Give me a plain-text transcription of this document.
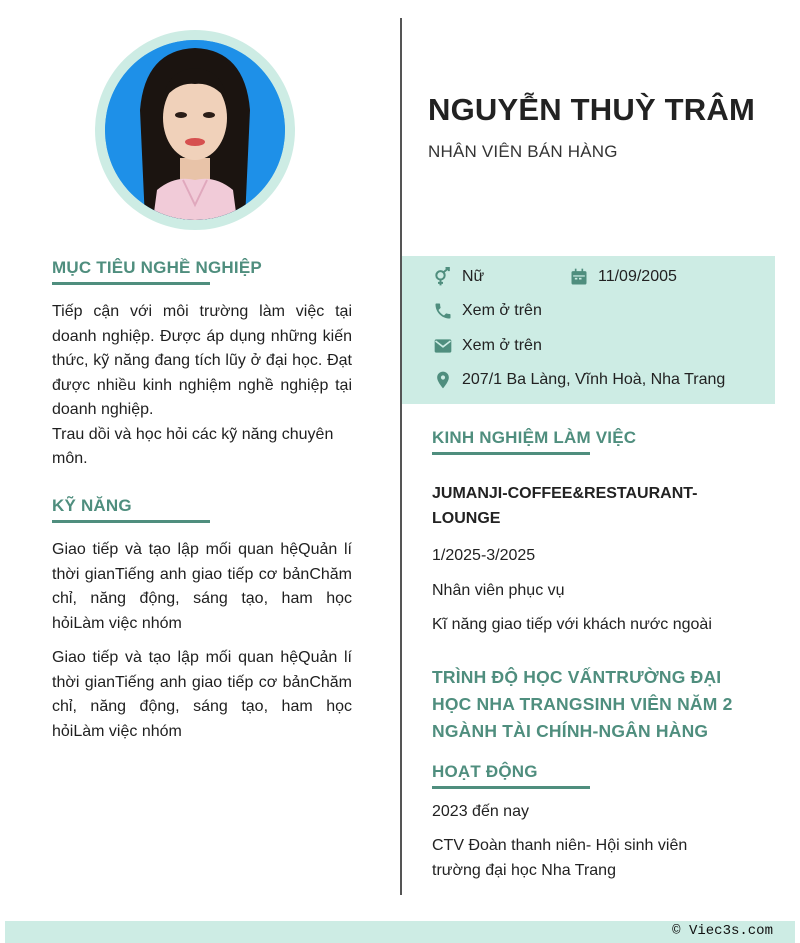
MỤC TIÊU NGHỀ NGHIỆP

Tiếp cận với môi trường làm việc tại doanh nghiệp. Được áp dụng những kiến thức, kỹ năng đang tích lũy ở đại học. Đạt được nhiều kinh nghiệm nghề nghiệp tại doanh nghiệp.

Trau dồi và học hỏi các kỹ năng chuyên môn.

KỸ NĂNG

Giao tiếp và tạo lập mối quan hệQuản lí thời gianTiếng anh giao tiếp cơ bảnChăm chỉ, năng động, sáng tạo, ham học hỏiLàm việc nhóm

Giao tiếp và tạo lập mối quan hệQuản lí thời gianTiếng anh giao tiếp cơ bảnChăm chỉ, năng động, sáng tạo, ham học hỏiLàm việc nhóm

NGUYỄN THUỲ TRÂM
NHÂN VIÊN BÁN HÀNG
Nữ	11/09/2005
Xem ở trên
Xem ở trên
207/1 Ba Làng, Vĩnh Hoà, Nha Trang
KINH NGHIỆM LÀM VIỆC
JUMANJI-COFFEE&RESTAURANT-
LOUNGE
1/2025-3/2025
Nhân viên phục vụ
Kĩ năng giao tiếp với khách nước ngoài
TRÌNH ĐỘ HỌC VẤNTRƯỜNG ĐẠI
HỌC NHA TRANGSINH VIÊN NĂM 2
NGÀNH TÀI CHÍNH-NGÂN HÀNG
HOẠT ĐỘNG
2023 đến nay
CTV Đoàn thanh niên- Hội sinh viên
trường đại học Nha Trang
© Viec3s.com
